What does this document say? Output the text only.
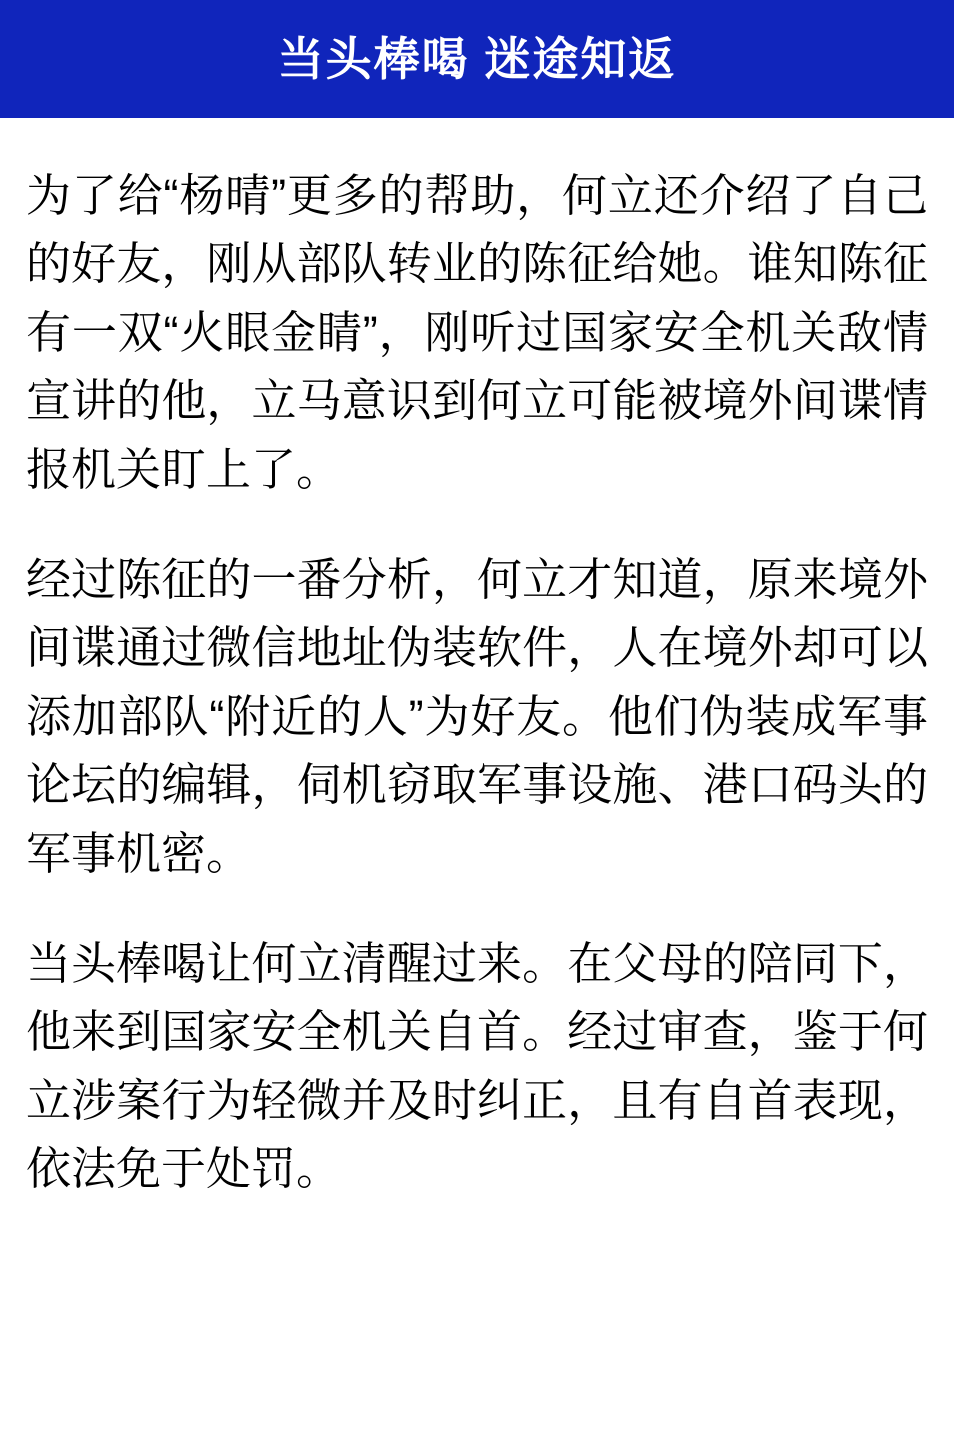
当头棒喝 迷途知返

为了给“杨晴”更多的帮助，何立还介绍了自己的好友，刚从部队转业的陈征给她。谁知陈征有一双“火眼金睛”，刚听过国家安全机关敌情宣讲的他，立马意识到何立可能被境外间谍情报机关盯上了。

经过陈征的一番分析，何立才知道，原来境外间谍通过微信地址伪装软件，人在境外却可以添加部队“附近的人”为好友。他们伪装成军事论坛的编辑，伺机窃取军事设施、港口码头的军事机密。

当头棒喝让何立清醒过来。在父母的陪同下，他来到国家安全机关自首。经过审查，鉴于何立涉案行为轻微并及时纠正，且有自首表现，依法免于处罚。
